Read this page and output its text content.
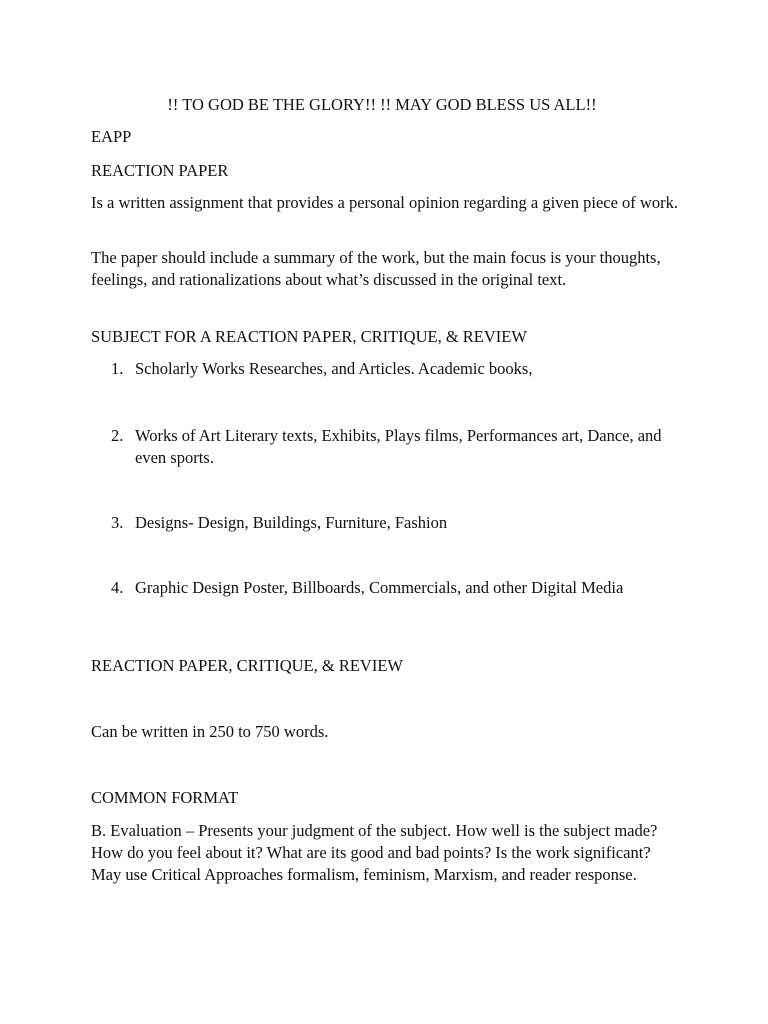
!! TO GOD BE THE GLORY!! !! MAY GOD BLESS US ALL!!

EAPP

REACTION PAPER

Is a written assignment that provides a personal opinion regarding a given piece of work.

The paper should include a summary of the work, but the main focus is your thoughts, feelings, and rationalizations about what’s discussed in the original text.

SUBJECT FOR A REACTION PAPER, CRITIQUE, & REVIEW

1. Scholarly Works Researches, and Articles. Academic books,
2. Works of Art Literary texts, Exhibits, Plays films, Performances art, Dance, and even sports.
3. Designs- Design, Buildings, Furniture, Fashion
4. Graphic Design Poster, Billboards, Commercials, and other Digital Media

REACTION PAPER, CRITIQUE, & REVIEW

Can be written in 250 to 750 words.

COMMON FORMAT

B. Evaluation – Presents your judgment of the subject. How well is the subject made? How do you feel about it? What are its good and bad points? Is the work significant? May use Critical Approaches formalism, feminism, Marxism, and reader response.
